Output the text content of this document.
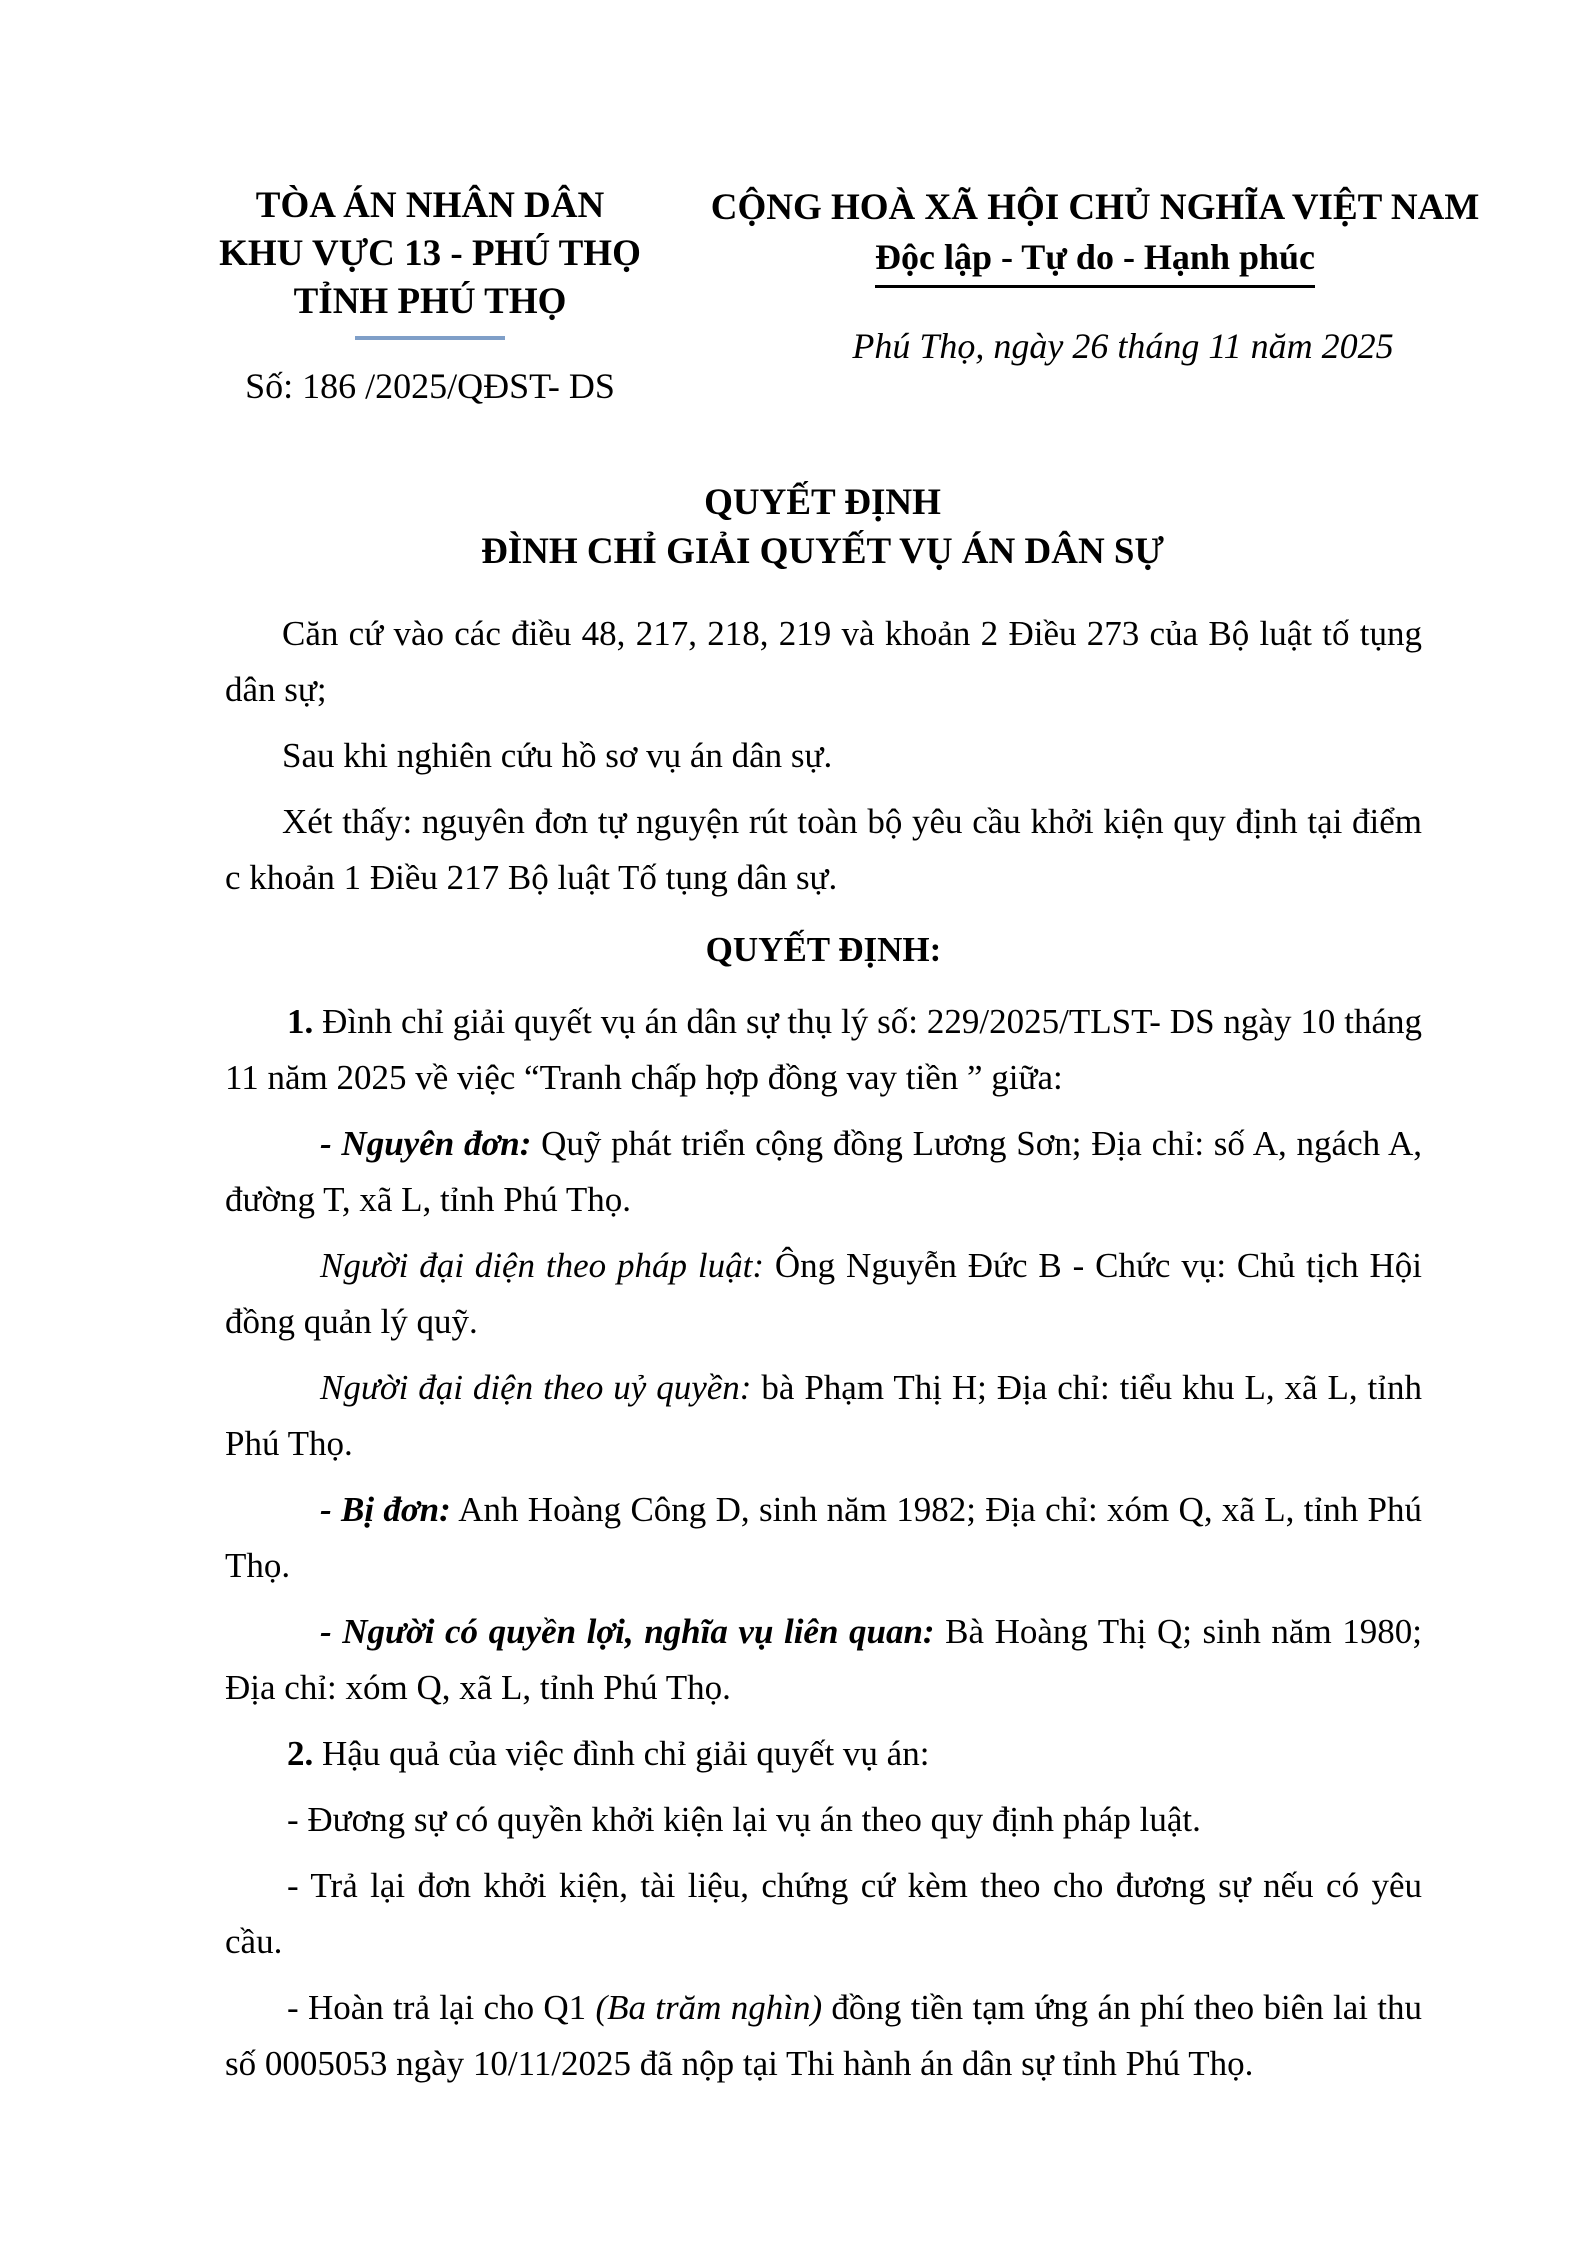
TÒA ÁN NHÂN DÂN
KHU VỰC 13 - PHÚ THỌ
TỈNH PHÚ THỌ
Số: 186 /2025/QĐST- DS
CỘNG HOÀ XÃ HỘI CHỦ NGHĨA VIỆT NAM
Độc lập - Tự do - Hạnh phúc
Phú Thọ, ngày 26 tháng 11 năm 2025
QUYẾT ĐỊNH
ĐÌNH CHỈ GIẢI QUYẾT VỤ ÁN DÂN SỰ

Căn cứ vào các điều 48, 217, 218, 219 và khoản 2 Điều 273 của Bộ luật tố tụng dân sự;

Sau khi nghiên cứu hồ sơ vụ án dân sự.

Xét thấy: nguyên đơn tự nguyện rút toàn bộ yêu cầu khởi kiện quy định tại điểm c khoản 1 Điều 217 Bộ luật Tố tụng dân sự.

QUYẾT ĐỊNH:

1. Đình chỉ giải quyết vụ án dân sự thụ lý số: 229/2025/TLST- DS ngày 10 tháng 11 năm 2025 về việc “Tranh chấp hợp đồng vay tiền ” giữa:

- Nguyên đơn: Quỹ phát triển cộng đồng Lương Sơn; Địa chỉ: số A, ngách A, đường T, xã L, tỉnh Phú Thọ.

Người đại diện theo pháp luật: Ông Nguyễn Đức B - Chức vụ: Chủ tịch Hội đồng quản lý quỹ.

Người đại diện theo uỷ quyền: bà Phạm Thị H; Địa chỉ: tiểu khu L, xã L, tỉnh Phú Thọ.

- Bị đơn: Anh Hoàng Công D, sinh năm 1982; Địa chỉ: xóm Q, xã L, tỉnh Phú Thọ.

- Người có quyền lợi, nghĩa vụ liên quan: Bà Hoàng Thị Q; sinh năm 1980; Địa chỉ: xóm Q, xã L, tỉnh Phú Thọ.

2. Hậu quả của việc đình chỉ giải quyết vụ án:

- Đương sự có quyền khởi kiện lại vụ án theo quy định pháp luật.

- Trả lại đơn khởi kiện, tài liệu, chứng cứ kèm theo cho đương sự nếu có yêu cầu.

- Hoàn trả lại cho Q1 (Ba trăm nghìn) đồng tiền tạm ứng án phí theo biên lai thu số 0005053 ngày 10/11/2025 đã nộp tại Thi hành án dân sự tỉnh Phú Thọ.
